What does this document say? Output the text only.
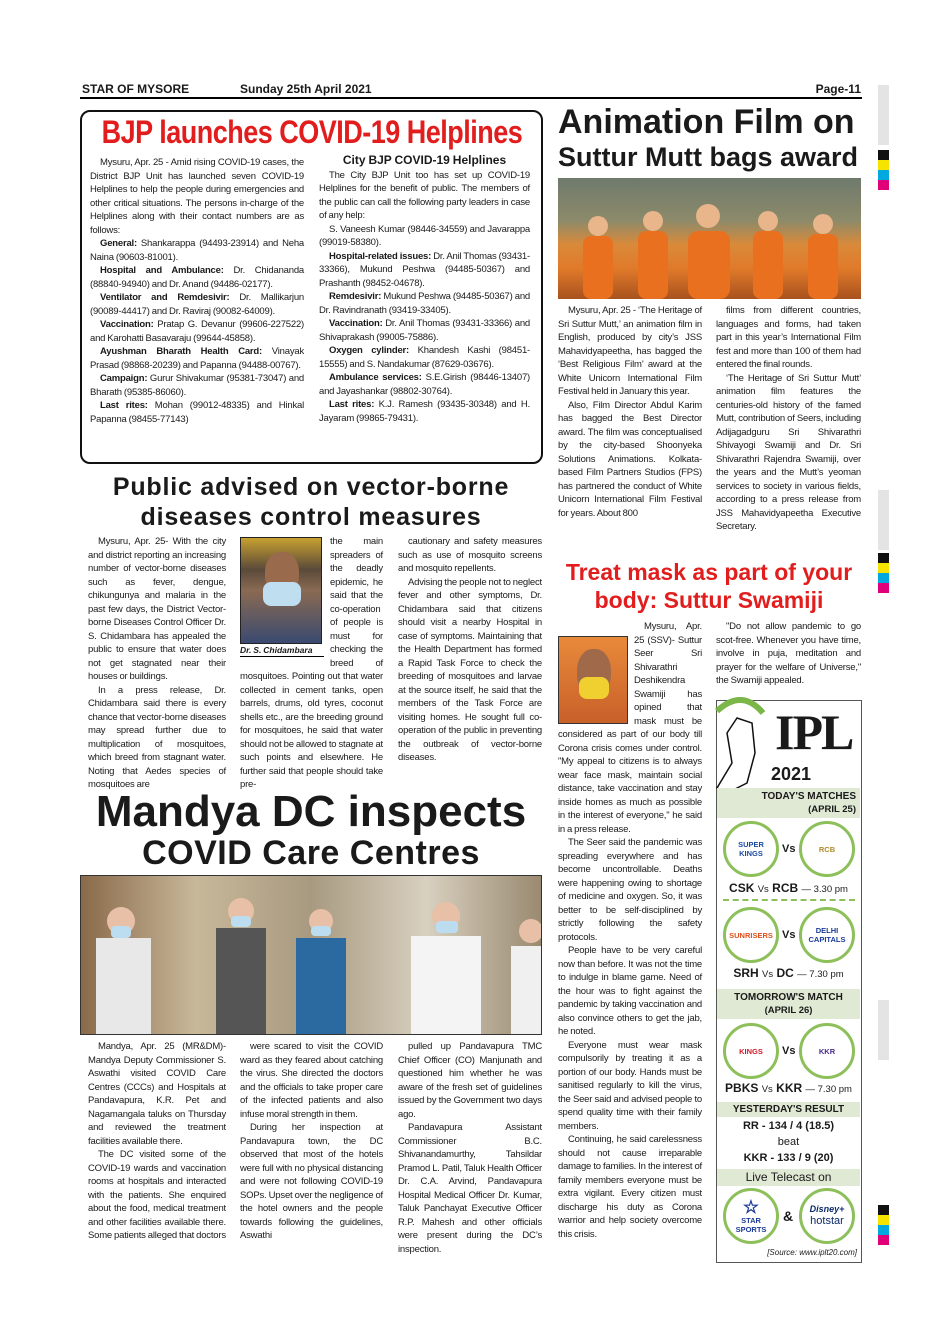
STAR OF MYSORE	Sunday 25th April 2021	Page-11
BJP launches COVID-19 Helplines

Mysuru, Apr. 25 - Amid rising COVID-19 cases, the District BJP Unit has launched seven COVID-19 Helplines to help the people during emergencies and other critical situations. The persons in-charge of the Helplines along with their contact numbers are as follows:

General: Shankarappa (94493-23914) and Neha Naina (90603-81001).

Hospital and Ambulance: Dr. Chidananda (88840-94940) and Dr. Anand (94486-02177).

Ventilator and Remdesivir: Dr. Mallikarjun (90089-44417) and Dr. Raviraj (90082-64009).

Vaccination: Pratap G. Devanur (99606-227522) and Karohatti Basavaraju (99644-45858).

Ayushman Bharath Health Card: Vinayak Prasad (98868-20239) and Papanna (94488-00767).

Campaign: Gurur Shivakumar (95381-73047) and Bharath (95385-86060).

Last rites: Mohan (99012-48335) and Hinkal Papanna (98455-77143)

City BJP COVID-19 Helplines

The City BJP Unit too has set up COVID-19 Helplines for the benefit of public. The members of the public can call the following party leaders in case of any help:

S. Vaneesh Kumar (98446-34559) and Javarappa (99019-58380).

Hospital-related issues: Dr. Anil Thomas (93431-33366), Mukund Peshwa (94485-50367) and Prashanth (98452-04678).

Remdesivir: Mukund Peshwa (94485-50367) and Dr. Ravindranath (93419-33405).

Vaccination: Dr. Anil Thomas (93431-33366) and Shivaprakash (99005-75886).

Oxygen cylinder: Khandesh Kashi (98451-15555) and S. Nandakumar (87629-03676).

Ambulance services: S.E.Girish (98446-13407) and Jayashankar (98802-30764).

Last rites: K.J. Ramesh (93435-30348) and H. Jayaram (99865-79431).

Animation Film on
Suttur Mutt bags award

Mysuru, Apr. 25 - ‘The Heritage of Sri Suttur Mutt,’ an animation film in English, produced by city’s JSS Mahavidyapeetha, has bagged the ‘Best Religious Film’ award at the White Unicorn International Film Festival held in January this year.

Also, Film Director Abdul Karim has bagged the Best Director award. The film was conceptualised by the city-based Shoonyeka Solutions Animations. Kolkata-based Film Partners Studios (FPS) has partnered the conduct of White Unicorn International Film Festival for years. About 800

films from different countries, languages and forms, had taken part in this year’s International Film fest and more than 100 of them had entered the final rounds.

‘The Heritage of Sri Suttur Mutt’ animation film features the centuries-old history of the famed Mutt, contribution of Seers, including Adijagadguru Sri Shivarathri Shivayogi Swamiji and Dr. Sri Shivarathri Rajendra Swamiji, over the years and the Mutt’s yeoman services to society in various fields, according to a press release from JSS Mahavidyapeetha Executive Secretary.

Public advised on vector-borne
diseases control measures

Mysuru, Apr. 25- With the city and district reporting an increasing number of vector-borne diseases such as fever, dengue, chikungunya and malaria in the past few days, the District Vector-borne Diseases Control Officer Dr. S. Chidambara has appealed the public to ensure that water does not get stagnated near their houses or buildings.

In a press release, Dr. Chidambara said there is every chance that vector-borne diseases may spread further due to multiplication of mosquitoes, which breed from stagnant water. Noting that Aedes species of mosquitoes are

Dr. S. Chidambara

the main spreaders of the deadly epidemic, he said that the co-operation of people is must for checking the breed of mosquitoes. Pointing out that water collected in cement tanks, open barrels, drums, old tyres, coconut shells etc., are the breeding ground for mosquitoes, he said that water should not be allowed to stagnate at such points and elsewhere. He further said that people should take pre-

cautionary and safety measures such as use of mosquito screens and mosquito repellents.

Advising the people not to neglect fever and other symptoms, Dr. Chidambara said that citizens should visit a nearby Hospital in case of symptoms. Maintaining that the Health Department has formed a Rapid Task Force to check the breeding of mosquitoes and larvae at the source itself, he said that the members of the Task Force are visiting homes. He sought full co-operation of the public in preventing the outbreak of vector-borne diseases.

Mandya DC inspects
COVID Care Centres

Mandya, Apr. 25 (MR&DM)- Mandya Deputy Commissioner S. Aswathi visited COVID Care Centres (CCCs) and Hospitals at Pandavapura, K.R. Pet and Nagamangala taluks on Thursday and reviewed the treatment facilities available there.

The DC visited some of the COVID-19 wards and vaccination rooms at hospitals and interacted with the patients. She enquired about the food, medical treatment and other facilities available there. Some patients alleged that doctors

were scared to visit the COVID ward as they feared about catching the virus. She directed the doctors and the officials to take proper care of the infected patients and also infuse moral strength in them.

During her inspection at Pandavapura town, the DC observed that most of the hotels were full with no physical distancing and were not following COVID-19 SOPs. Upset over the negligence of the hotel owners and the people towards following the guidelines, Aswathi

pulled up Pandavapura TMC Chief Officer (CO) Manjunath and questioned him whether he was aware of the fresh set of guidelines issued by the Government two days ago.

Pandavapura Assistant Commissioner B.C. Shivanandamurthy, Tahsildar Pramod L. Patil, Taluk Health Officer Dr. C.A. Arvind, Pandavapura Hospital Medical Officer Dr. Kumar, Taluk Panchayat Executive Officer R.P. Mahesh and other officials were present during the DC’s inspection.

Treat mask as part of your
body: Suttur Swamiji

Mysuru, Apr. 25 (SSV)- Suttur Seer Sri Shivarathri Deshikendra Swamiji has opined that mask must be considered as part of our body till Corona crisis comes under control. "My appeal to citizens is to always wear face mask, maintain social distance, take vaccination and stay inside homes as much as possible in the interest of everyone," he said in a press release.

The Seer said the pandemic was spreading everywhere and has become uncontrollable. Deaths were happening owing to shortage of medicine and oxygen. So, it was better to be self-disciplined by strictly following the safety protocols.

People have to be very careful now than before. It was not the time to indulge in blame game. Need of the hour was to fight against the pandemic by taking vaccination and also convince others to get the jab, he noted.

Everyone must wear mask compulsorily by treating it as a portion of our body. Hands must be sanitised regularly to kill the virus, the Seer said and advised people to spend quality time with their family members.

Continuing, he said carelessness should not cause irreparable damage to families. In the interest of family members everyone must be extra vigilant. Every citizen must discharge his duty as Corona warrior and help society overcome this crisis.

"Do not allow pandemic to go scot-free. Whenever you have time, involve in puja, meditation and prayer for the welfare of Universe," the Swamiji appealed.

IPL
2021
TODAY'S MATCHES
(APRIL 25)
SUPER KINGS	Vs	RCB
CSK Vs RCB — 3.30 pm
SUNRISERS Vs	DELHI CAPITALS
SRH Vs DC — 7.30 pm
TOMORROW'S MATCH
(APRIL 26)
KINGS	Vs	KKR
PBKS Vs KKR — 7.30 pm
YESTERDAY'S RESULT
RR - 134 / 4 (18.5)
beat
KKR - 133 / 9 (20)
Live Telecast on
☆
STAR SPORTS
& Disney+
hotstar
[Source: www.iplt20.com]
